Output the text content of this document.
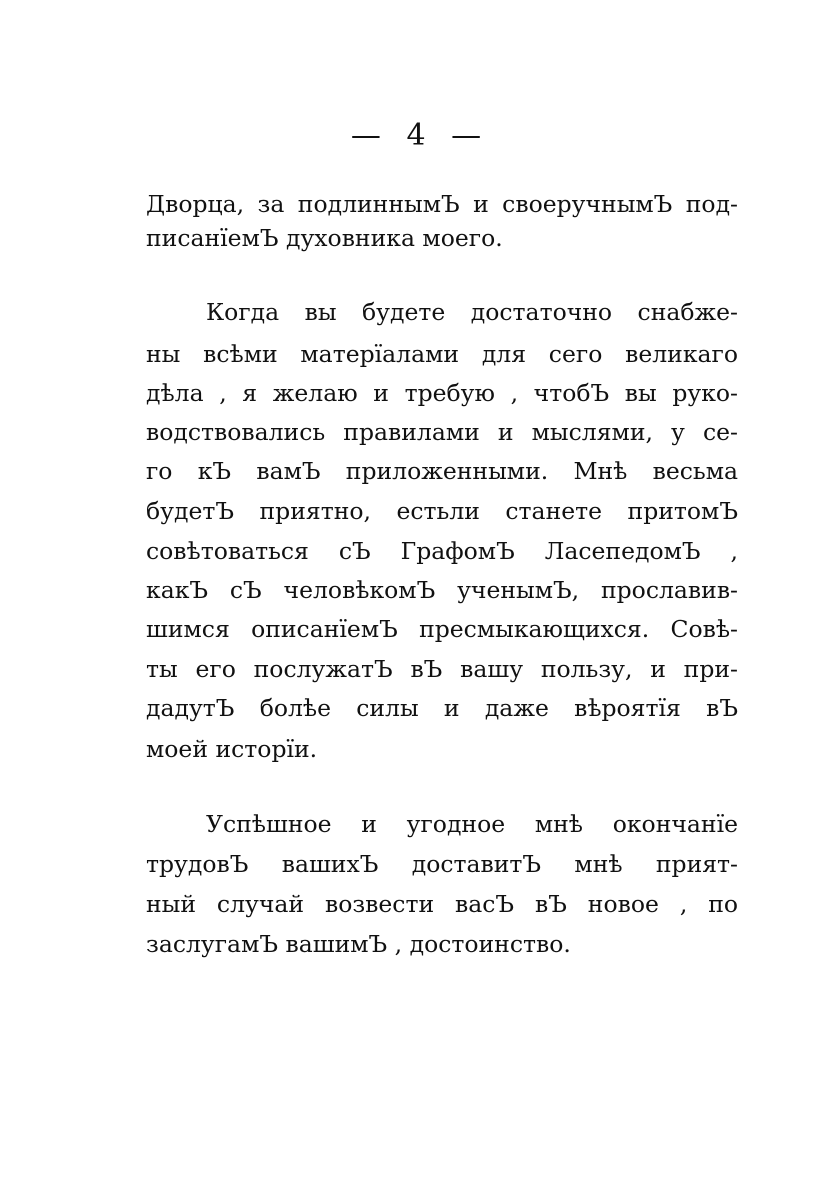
— 4 —
Дворца, за подлиннымЪ и своеручнымЪ под-
писанïемЪ духовника моего.
Когда вы будете достаточно снабже-
ны всѣми матерïалами для сего великаго
дѣла , я желаю и требую , чтобЪ вы руко-
водствовались правилами и мыслями, у се-
го кЪ вамЪ приложенными. Мнѣ весьма
будетЪ приятно, естьли станете притомЪ
совѣтоваться сЪ ГрафомЪ ЛасепедомЪ ,
какЪ сЪ человѣкомЪ ученымЪ, прославив-
шимся описанïемЪ пресмыкающихся. Совѣ-
ты его послужатЪ вЪ вашу пользу, и при-
дадутЪ болѣе силы и даже вѣроятïя вЪ
моей исторïи.
Успѣшное и угодное мнѣ окончанïе
трудовЪ вашихЪ доставитЪ мнѣ прият-
ный случай возвести васЪ вЪ новое , по
заслугамЪ вашимЪ , достоинство.
